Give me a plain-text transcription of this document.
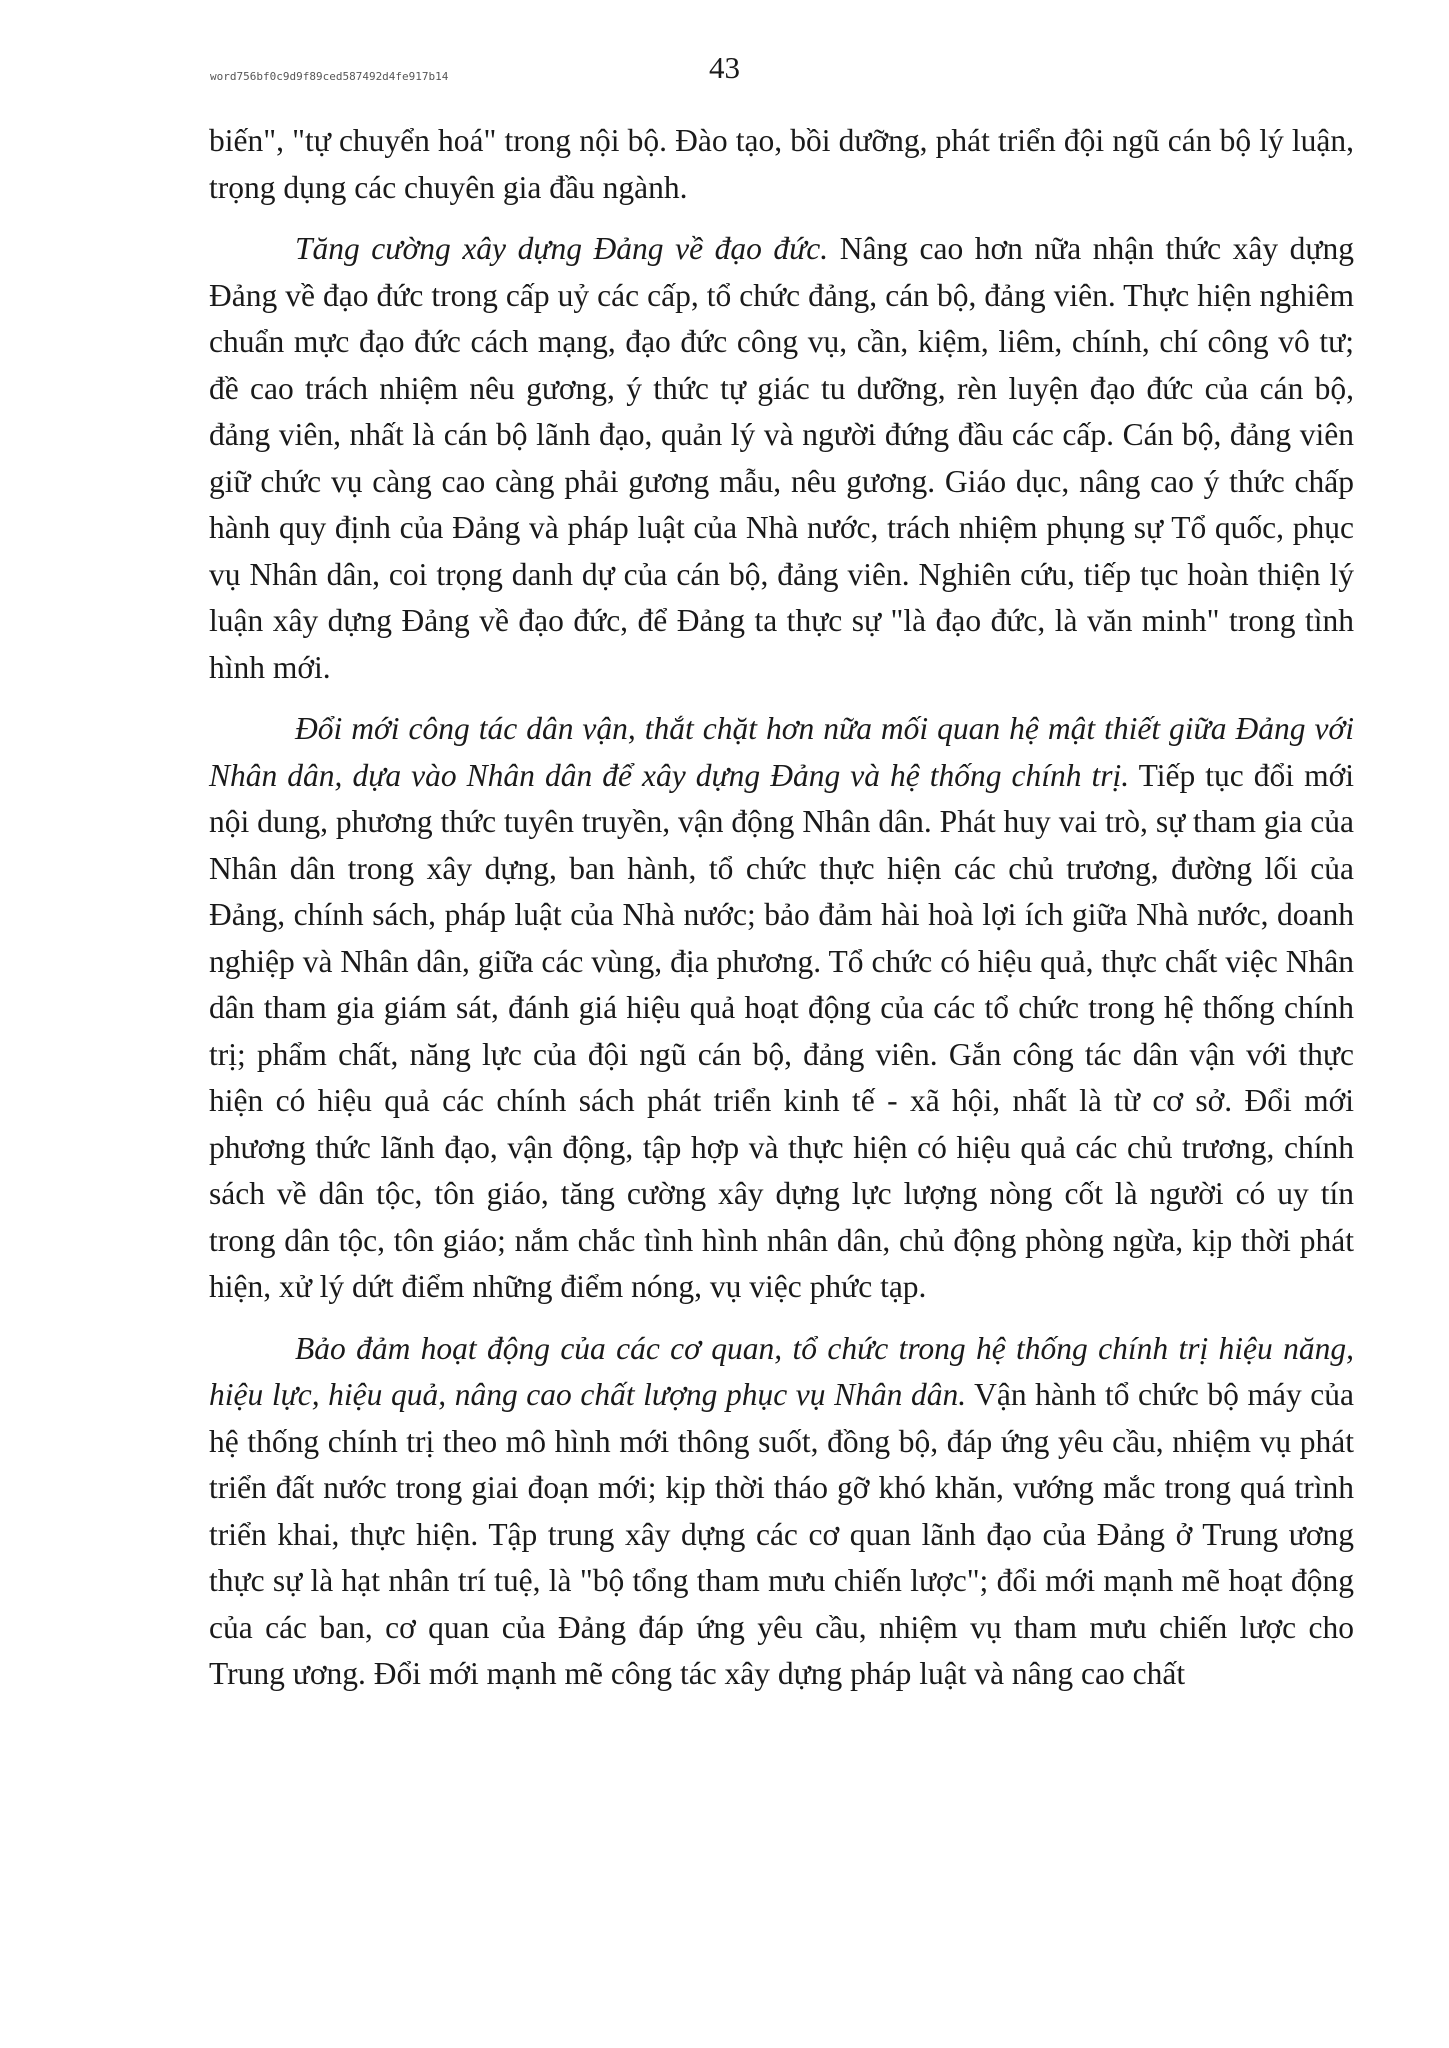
word756bf0c9d9f89ced587492d4fe917b14	43

biến", "tự chuyển hoá" trong nội bộ. Đào tạo, bồi dưỡng, phát triển đội ngũ cán bộ lý luận, trọng dụng các chuyên gia đầu ngành.

Tăng cường xây dựng Đảng về đạo đức. Nâng cao hơn nữa nhận thức xây dựng Đảng về đạo đức trong cấp uỷ các cấp, tổ chức đảng, cán bộ, đảng viên. Thực hiện nghiêm chuẩn mực đạo đức cách mạng, đạo đức công vụ, cần, kiệm, liêm, chính, chí công vô tư; đề cao trách nhiệm nêu gương, ý thức tự giác tu dưỡng, rèn luyện đạo đức của cán bộ, đảng viên, nhất là cán bộ lãnh đạo, quản lý và người đứng đầu các cấp. Cán bộ, đảng viên giữ chức vụ càng cao càng phải gương mẫu, nêu gương. Giáo dục, nâng cao ý thức chấp hành quy định của Đảng và pháp luật của Nhà nước, trách nhiệm phụng sự Tổ quốc, phục vụ Nhân dân, coi trọng danh dự của cán bộ, đảng viên. Nghiên cứu, tiếp tục hoàn thiện lý luận xây dựng Đảng về đạo đức, để Đảng ta thực sự "là đạo đức, là văn minh" trong tình hình mới.

Đổi mới công tác dân vận, thắt chặt hơn nữa mối quan hệ mật thiết giữa Đảng với Nhân dân, dựa vào Nhân dân để xây dựng Đảng và hệ thống chính trị. Tiếp tục đổi mới nội dung, phương thức tuyên truyền, vận động Nhân dân. Phát huy vai trò, sự tham gia của Nhân dân trong xây dựng, ban hành, tổ chức thực hiện các chủ trương, đường lối của Đảng, chính sách, pháp luật của Nhà nước; bảo đảm hài hoà lợi ích giữa Nhà nước, doanh nghiệp và Nhân dân, giữa các vùng, địa phương. Tổ chức có hiệu quả, thực chất việc Nhân dân tham gia giám sát, đánh giá hiệu quả hoạt động của các tổ chức trong hệ thống chính trị; phẩm chất, năng lực của đội ngũ cán bộ, đảng viên. Gắn công tác dân vận với thực hiện có hiệu quả các chính sách phát triển kinh tế - xã hội, nhất là từ cơ sở. Đổi mới phương thức lãnh đạo, vận động, tập hợp và thực hiện có hiệu quả các chủ trương, chính sách về dân tộc, tôn giáo, tăng cường xây dựng lực lượng nòng cốt là người có uy tín trong dân tộc, tôn giáo; nắm chắc tình hình nhân dân, chủ động phòng ngừa, kịp thời phát hiện, xử lý dứt điểm những điểm nóng, vụ việc phức tạp.

Bảo đảm hoạt động của các cơ quan, tổ chức trong hệ thống chính trị hiệu năng, hiệu lực, hiệu quả, nâng cao chất lượng phục vụ Nhân dân. Vận hành tổ chức bộ máy của hệ thống chính trị theo mô hình mới thông suốt, đồng bộ, đáp ứng yêu cầu, nhiệm vụ phát triển đất nước trong giai đoạn mới; kịp thời tháo gỡ khó khăn, vướng mắc trong quá trình triển khai, thực hiện. Tập trung xây dựng các cơ quan lãnh đạo của Đảng ở Trung ương thực sự là hạt nhân trí tuệ, là "bộ tổng tham mưu chiến lược"; đổi mới mạnh mẽ hoạt động của các ban, cơ quan của Đảng đáp ứng yêu cầu, nhiệm vụ tham mưu chiến lược cho Trung ương. Đổi mới mạnh mẽ công tác xây dựng pháp luật và nâng cao chất
